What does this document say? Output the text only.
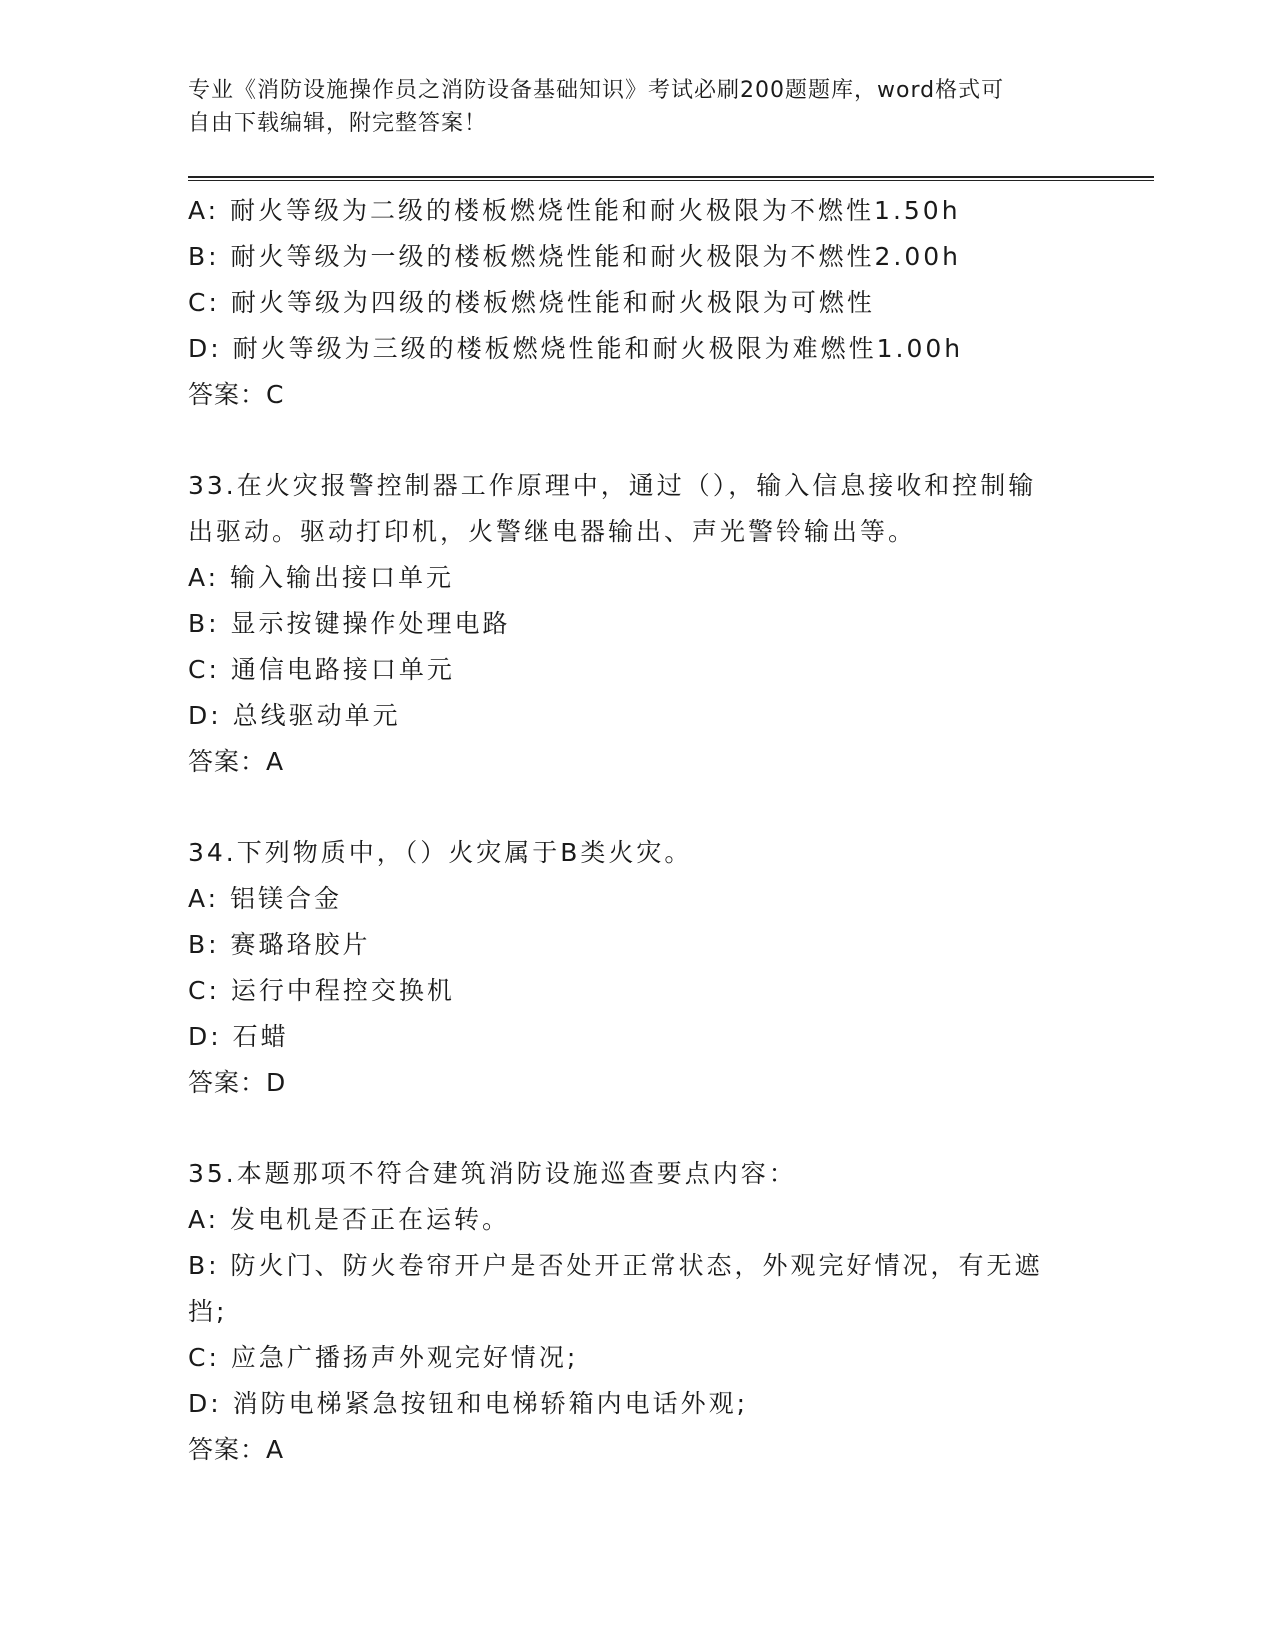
专业《消防设施操作员之消防设备基础知识》考试必刷200题题库，word格式可
自由下载编辑，附完整答案！
A: 耐火等级为二级的楼板燃烧性能和耐火极限为不燃性1.50h
B: 耐火等级为一级的楼板燃烧性能和耐火极限为不燃性2.00h
C: 耐火等级为四级的楼板燃烧性能和耐火极限为可燃性
D: 耐火等级为三级的楼板燃烧性能和耐火极限为难燃性1.00h
答案：C
33.在火灾报警控制器工作原理中，通过（），输入信息接收和控制输
出驱动。驱动打印机，火警继电器输出、声光警铃输出等。
A: 输入输出接口单元
B: 显示按键操作处理电路
C: 通信电路接口单元
D: 总线驱动单元
答案：A
34.下列物质中，（）火灾属于B类火灾。
A: 铝镁合金
B: 赛璐珞胶片
C: 运行中程控交换机
D: 石蜡
答案：D
35.本题那项不符合建筑消防设施巡查要点内容：
A: 发电机是否正在运转。
B: 防火门、防火卷帘开户是否处开正常状态，外观完好情况，有无遮
挡;
C: 应急广播扬声外观完好情况;
D: 消防电梯紧急按钮和电梯轿箱内电话外观;
答案：A
